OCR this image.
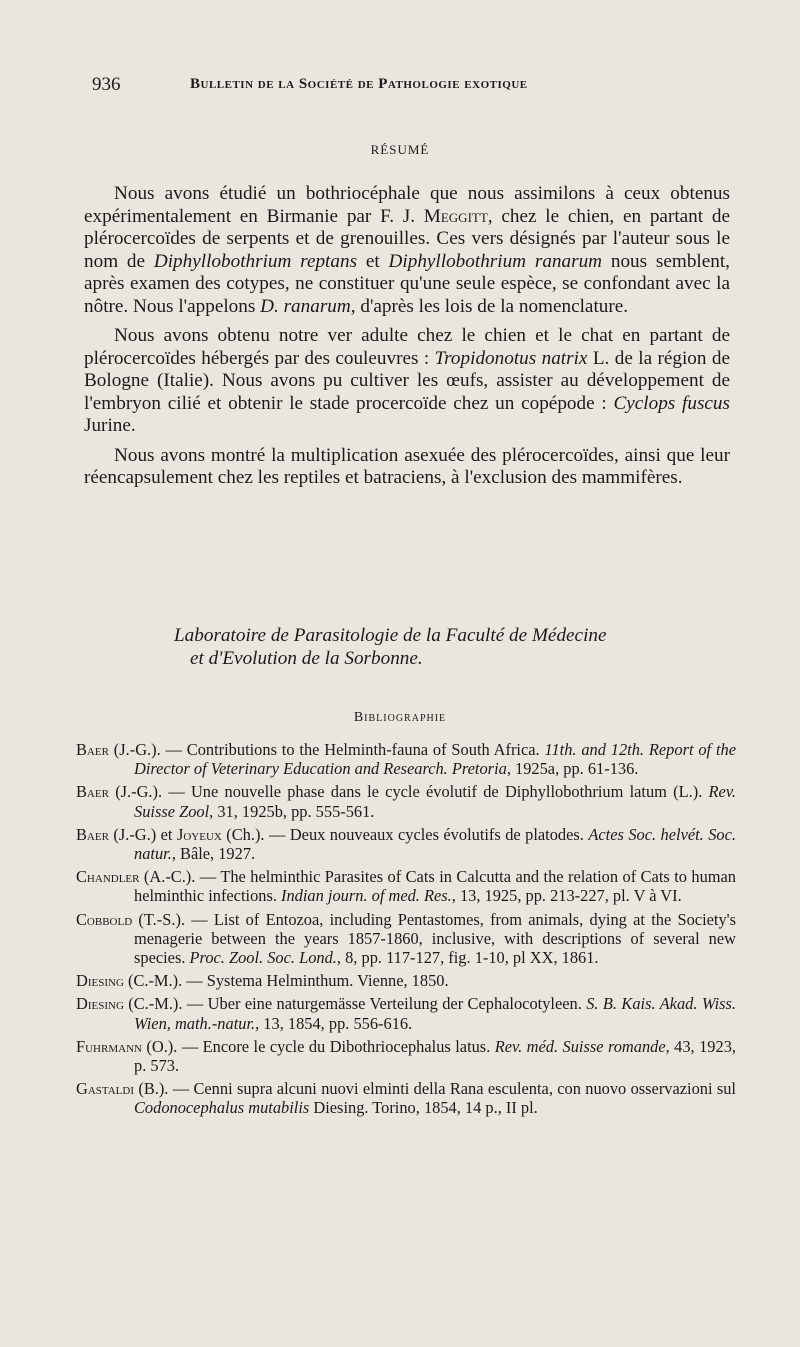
936	Bulletin de la Société de Pathologie exotique
RÉSUMÉ

Nous avons étudié un bothriocéphale que nous assimilons à ceux obtenus expérimentalement en Birmanie par F. J. Meggitt, chez le chien, en partant de plérocercoïdes de serpents et de grenouilles. Ces vers désignés par l'auteur sous le nom de Diphyllobothrium reptans et Diphyllobothrium ranarum nous semblent, après examen des cotypes, ne constituer qu'une seule espèce, se confondant avec la nôtre. Nous l'appelons D. ranarum, d'après les lois de la nomenclature.

Nous avons obtenu notre ver adulte chez le chien et le chat en partant de plérocercoïdes hébergés par des couleuvres : Tropidonotus natrix L. de la région de Bologne (Italie). Nous avons pu cultiver les œufs, assister au développement de l'embryon cilié et obtenir le stade procercoïde chez un copépode : Cyclops fuscus Jurine.

Nous avons montré la multiplication asexuée des plérocercoïdes, ainsi que leur réencapsulement chez les reptiles et batraciens, à l'exclusion des mammifères.

Laboratoire de Parasitologie de la Faculté de Médecine
et d'Evolution de la Sorbonne.
Bibliographie

Baer (J.-G.). — Contributions to the Helminth-fauna of South Africa. 11th. and 12th. Report of the Director of Veterinary Education and Research. Pretoria, 1925a, pp. 61-136.

Baer (J.-G.). — Une nouvelle phase dans le cycle évolutif de Diphyllobothrium latum (L.). Rev. Suisse Zool, 31, 1925b, pp. 555-561.

Baer (J.-G.) et Joyeux (Ch.). — Deux nouveaux cycles évolutifs de platodes. Actes Soc. helvét. Soc. natur., Bâle, 1927.

Chandler (A.-C.). — The helminthic Parasites of Cats in Calcutta and the relation of Cats to human helminthic infections. Indian journ. of med. Res., 13, 1925, pp. 213-227, pl. V à VI.

Cobbold (T.-S.). — List of Entozoa, including Pentastomes, from animals, dying at the Society's menagerie between the years 1857-1860, inclusive, with descriptions of several new species. Proc. Zool. Soc. Lond., 8, pp. 117-127, fig. 1-10, pl XX, 1861.

Diesing (C.-M.). — Systema Helminthum. Vienne, 1850.

Diesing (C.-M.). — Uber eine naturgemässe Verteilung der Cephalocotyleen. S. B. Kais. Akad. Wiss. Wien, math.-natur., 13, 1854, pp. 556-616.

Fuhrmann (O.). — Encore le cycle du Dibothriocephalus latus. Rev. méd. Suisse romande, 43, 1923, p. 573.

Gastaldi (B.). — Cenni supra alcuni nuovi elminti della Rana esculenta, con nuovo osservazioni sul Codonocephalus mutabilis Diesing. Torino, 1854, 14 p., II pl.
